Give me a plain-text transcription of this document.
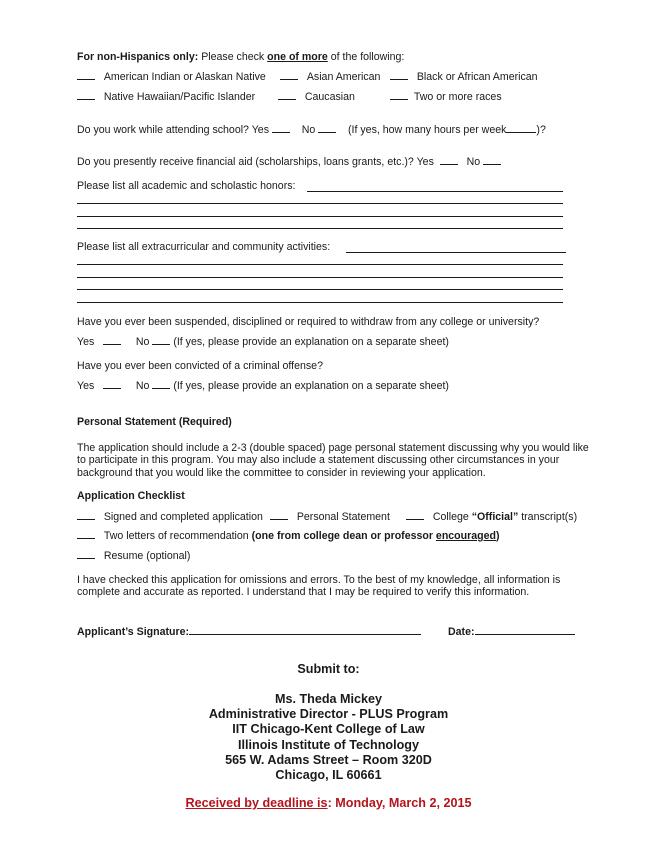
For non-Hispanics only: Please check one of more of the following:
American Indian or Alaskan Native	Asian American	Black or African American
Native Hawaiian/Pacific Islander	Caucasian	Two or more races
Do you work while attending school? Yes	No	(If yes, how many hours per week	)?
Do you presently receive financial aid (scholarships, loans grants, etc.)? Yes	No
Please list all academic and scholastic honors:
Please list all extracurricular and community activities:
Have you ever been suspended, disciplined or required to withdraw from any college or university?
Yes	No (If yes, please provide an explanation on a separate sheet)
Have you ever been convicted of a criminal offense?
Yes	No (If yes, please provide an explanation on a separate sheet)
Personal Statement (Required)
The application should include a 2-3 (double spaced) page personal statement discussing why you would like to participate in this program. You may also include a statement discussing other circumstances in your background that you would like the committee to consider in reviewing your application.
Application Checklist
Signed and completed application	Personal Statement	College “Official” transcript(s)
Two letters of recommendation (one from college dean or professor encouraged)
Resume (optional)
I have checked this application for omissions and errors. To the best of my knowledge, all information is complete and accurate as reported. I understand that I may be required to verify this information.
Applicant’s Signature:	Date:
Submit to:
Ms. Theda Mickey
Administrative Director - PLUS Program
IIT Chicago-Kent College of Law
Illinois Institute of Technology
565 W. Adams Street – Room 320D
Chicago, IL 60661
Received by deadline is: Monday, March 2, 2015
